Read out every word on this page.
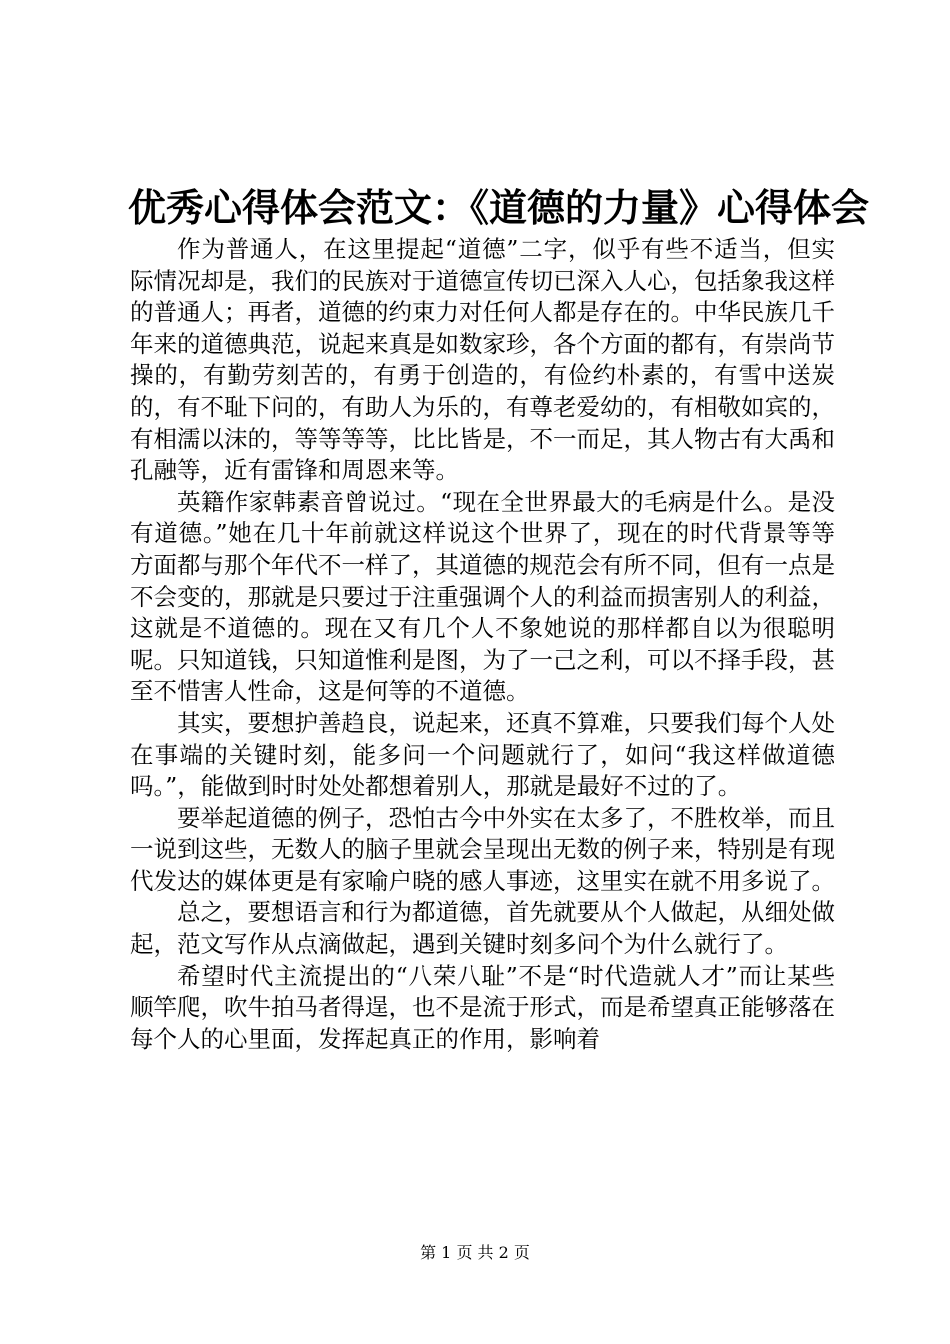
优秀心得体会范文：《道德的力量》心得体会

作为普通人，在这里提起“道德”二字，似乎有些不适当，但实际情况却是，我们的民族对于道德宣传切已深入人心，包括象我这样的普通人；再者，道德的约束力对任何人都是存在的。中华民族几千年来的道德典范，说起来真是如数家珍，各个方面的都有，有崇尚节操的，有勤劳刻苦的，有勇于创造的，有俭约朴素的，有雪中送炭的，有不耻下问的，有助人为乐的，有尊老爱幼的，有相敬如宾的，有相濡以沫的，等等等等，比比皆是，不一而足，其人物古有大禹和孔融等，近有雷锋和周恩来等。

英籍作家韩素音曾说过。“现在全世界最大的毛病是什么。是没有道德。”她在几十年前就这样说这个世界了，现在的时代背景等等方面都与那个年代不一样了，其道德的规范会有所不同，但有一点是不会变的，那就是只要过于注重强调个人的利益而损害别人的利益，这就是不道德的。现在又有几个人不象她说的那样都自以为很聪明呢。只知道钱，只知道惟利是图，为了一己之利，可以不择手段，甚至不惜害人性命，这是何等的不道德。

其实，要想护善趋良，说起来，还真不算难，只要我们每个人处在事端的关键时刻，能多问一个问题就行了，如问“我这样做道德吗。”，能做到时时处处都想着别人，那就是最好不过的了。

要举起道德的例子，恐怕古今中外实在太多了，不胜枚举，而且一说到这些，无数人的脑子里就会呈现出无数的例子来，特别是有现代发达的媒体更是有家喻户晓的感人事迹，这里实在就不用多说了。

总之，要想语言和行为都道德，首先就要从个人做起，从细处做起，范文写作从点滴做起，遇到关键时刻多问个为什么就行了。

希望时代主流提出的“八荣八耻”不是“时代造就人才”而让某些顺竿爬，吹牛拍马者得逞，也不是流于形式，而是希望真正能够落在每个人的心里面，发挥起真正的作用，影响着

第 1 页 共 2 页
